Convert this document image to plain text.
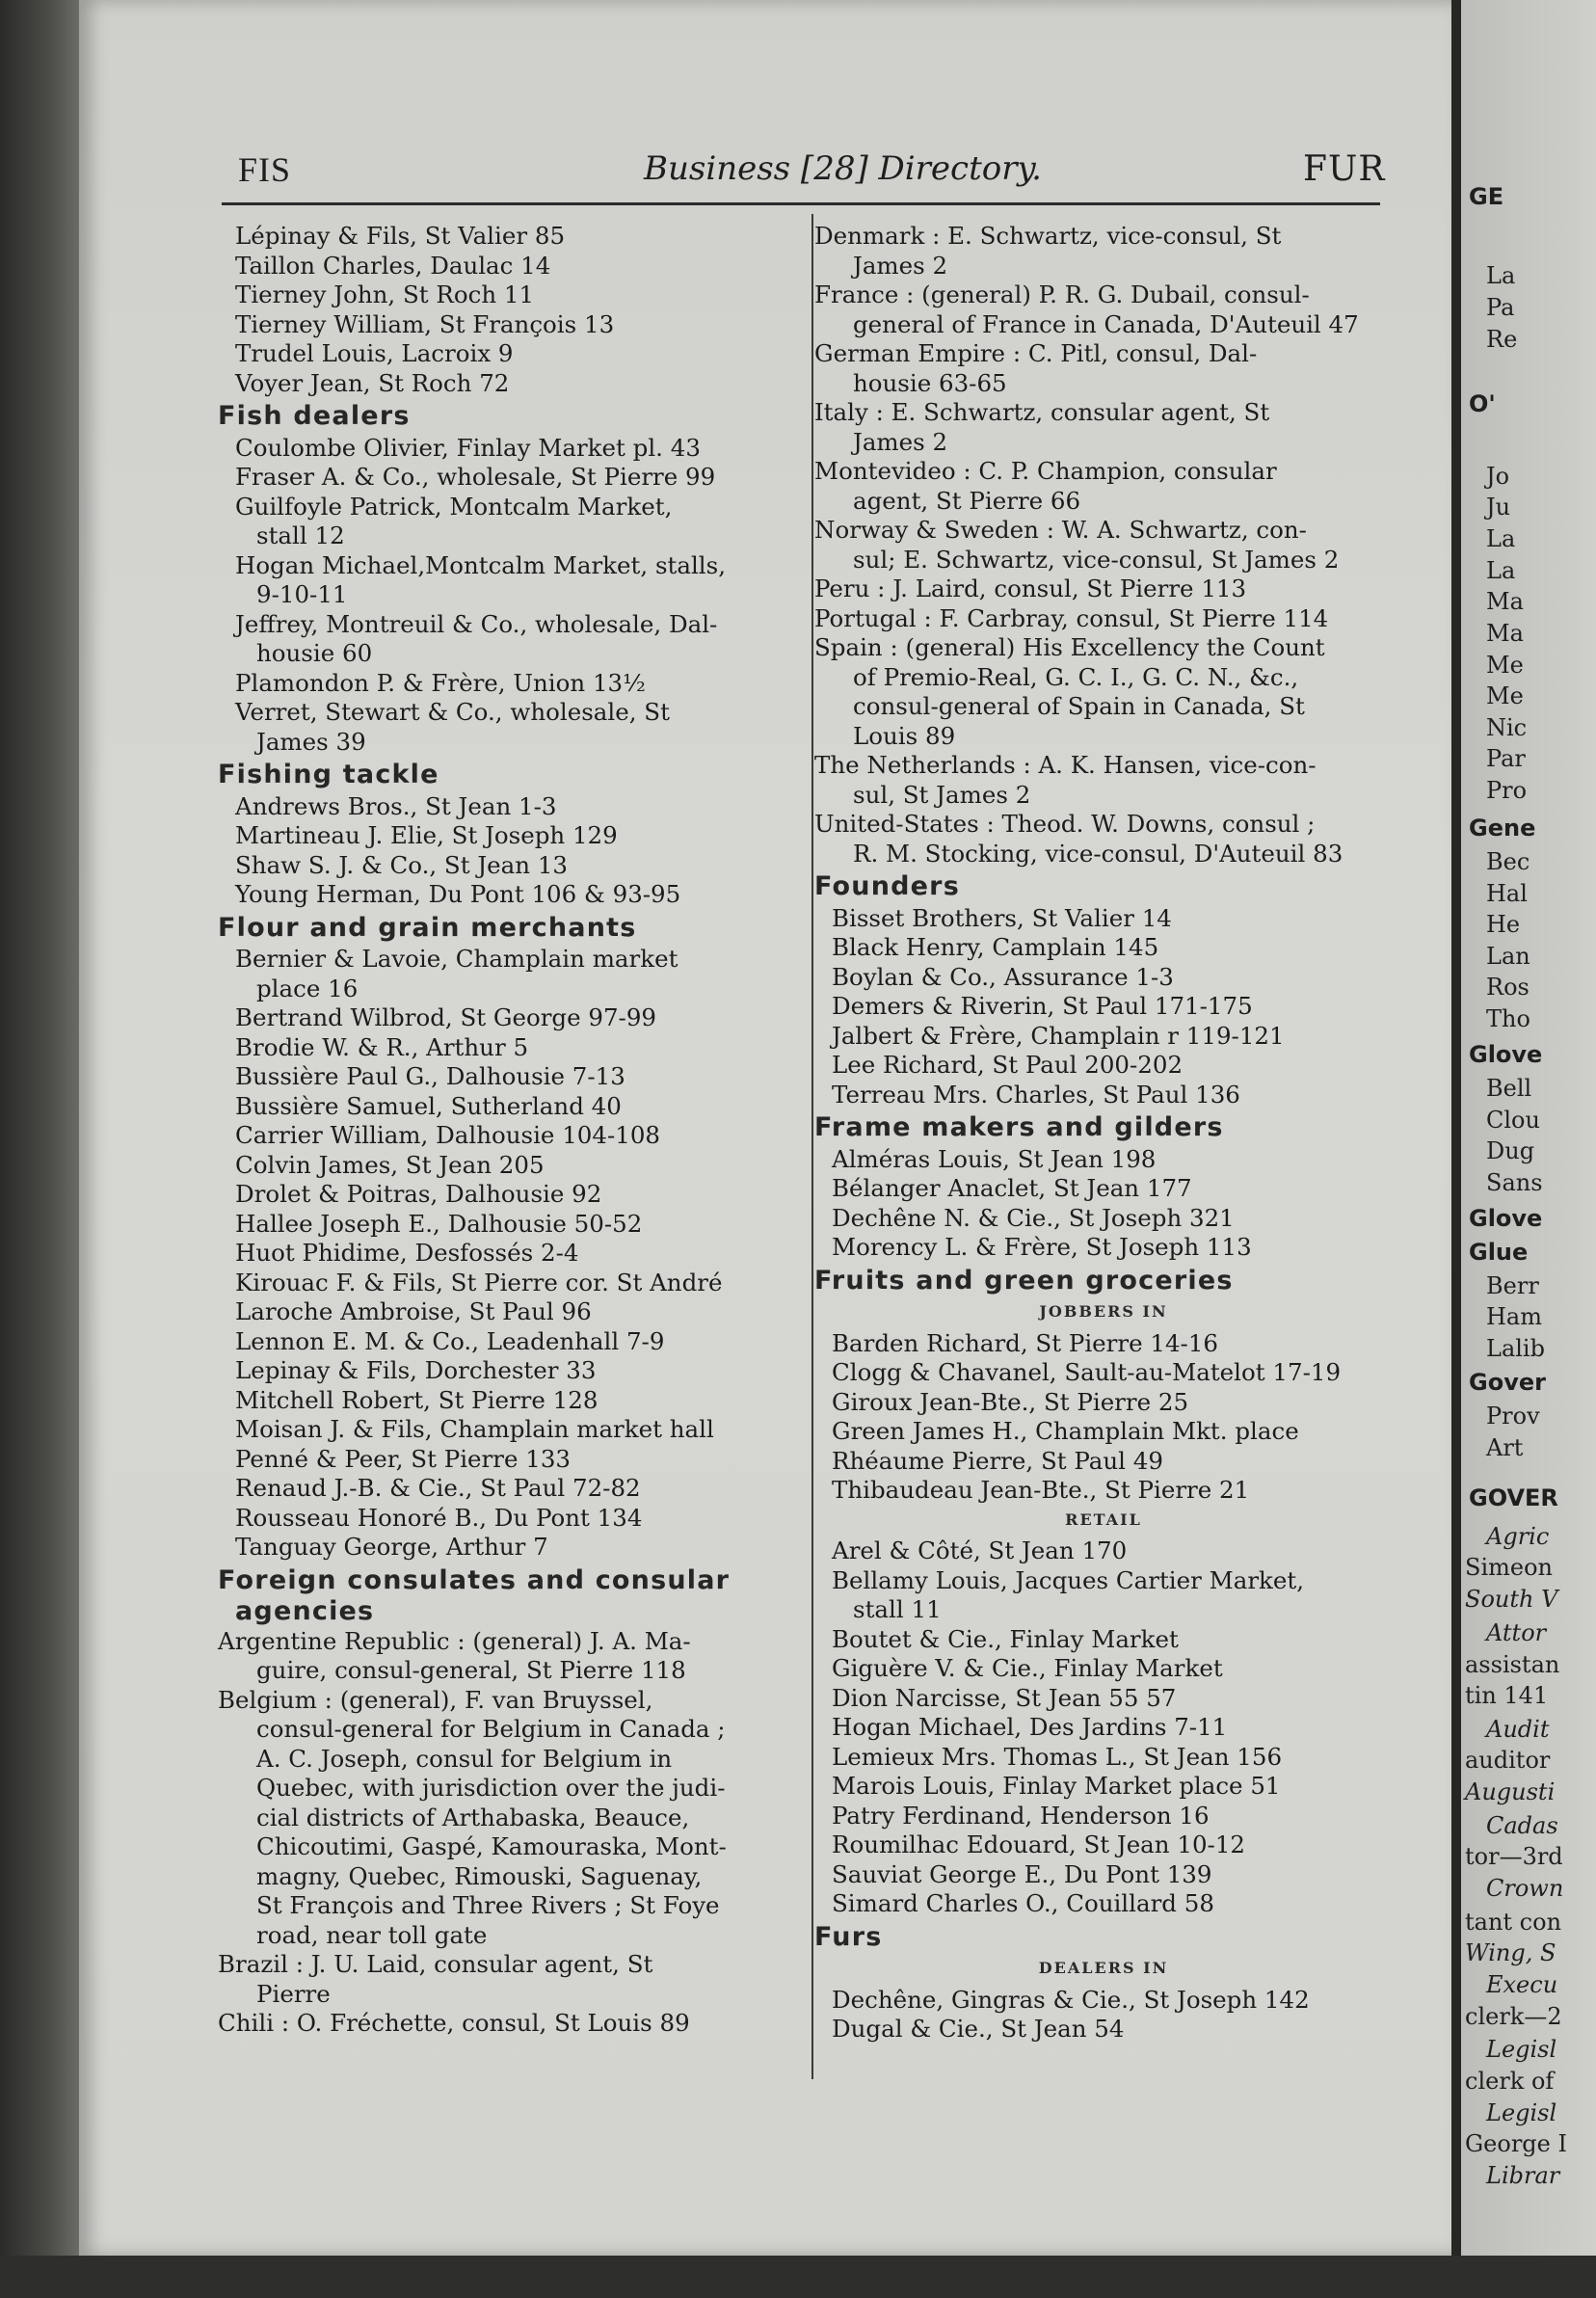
FIS	Business [28] Directory.	FUR
Lépinay & Fils, St Valier 85
Taillon Charles, Daulac 14
Tierney John, St Roch 11
Tierney William, St François 13
Trudel Louis, Lacroix 9
Voyer Jean, St Roch 72
Fish dealers
Coulombe Olivier, Finlay Market pl. 43
Fraser A. & Co., wholesale, St Pierre 99
Guilfoyle Patrick, Montcalm Market,
stall 12
Hogan Michael,Montcalm Market, stalls,
9-10-11
Jeffrey, Montreuil & Co., wholesale, Dal-
housie 60
Plamondon P. & Frère, Union 13½
Verret, Stewart & Co., wholesale, St
James 39
Fishing tackle
Andrews Bros., St Jean 1-3
Martineau J. Elie, St Joseph 129
Shaw S. J. & Co., St Jean 13
Young Herman, Du Pont 106 & 93-95
Flour and grain merchants
Bernier & Lavoie, Champlain market
place 16
Bertrand Wilbrod, St George 97-99
Brodie W. & R., Arthur 5
Bussière Paul G., Dalhousie 7-13
Bussière Samuel, Sutherland 40
Carrier William, Dalhousie 104-108
Colvin James, St Jean 205
Drolet & Poitras, Dalhousie 92
Hallee Joseph E., Dalhousie 50-52
Huot Phidime, Desfossés 2-4
Kirouac F. & Fils, St Pierre cor. St André
Laroche Ambroise, St Paul 96
Lennon E. M. & Co., Leadenhall 7-9
Lepinay & Fils, Dorchester 33
Mitchell Robert, St Pierre 128
Moisan J. & Fils, Champlain market hall
Penné & Peer, St Pierre 133
Renaud J.-B. & Cie., St Paul 72-82
Rousseau Honoré B., Du Pont 134
Tanguay George, Arthur 7
Foreign consulates and consular
agencies
Argentine Republic : (general) J. A. Ma-
guire, consul-general, St Pierre 118
Belgium : (general), F. van Bruyssel,
consul-general for Belgium in Canada ;
A. C. Joseph, consul for Belgium in
Quebec, with jurisdiction over the judi-
cial districts of Arthabaska, Beauce,
Chicoutimi, Gaspé, Kamouraska, Mont-
magny, Quebec, Rimouski, Saguenay,
St François and Three Rivers ; St Foye
road, near toll gate
Brazil : J. U. Laid, consular agent, St
Pierre
Chili : O. Fréchette, consul, St Louis 89
Denmark : E. Schwartz, vice-consul, St
James 2
France : (general) P. R. G. Dubail, consul-
general of France in Canada, D'Auteuil 47
German Empire : C. Pitl, consul, Dal-
housie 63-65
Italy : E. Schwartz, consular agent, St
James 2
Montevideo : C. P. Champion, consular
agent, St Pierre 66
Norway & Sweden : W. A. Schwartz, con-
sul; E. Schwartz, vice-consul, St James 2
Peru : J. Laird, consul, St Pierre 113
Portugal : F. Carbray, consul, St Pierre 114
Spain : (general) His Excellency the Count
of Premio-Real, G. C. I., G. C. N., &c.,
consul-general of Spain in Canada, St
Louis 89
The Netherlands : A. K. Hansen, vice-con-
sul, St James 2
United-States : Theod. W. Downs, consul ;
R. M. Stocking, vice-consul, D'Auteuil 83
Founders
Bisset Brothers, St Valier 14
Black Henry, Camplain 145
Boylan & Co., Assurance 1-3
Demers & Riverin, St Paul 171-175
Jalbert & Frère, Champlain r 119-121
Lee Richard, St Paul 200-202
Terreau Mrs. Charles, St Paul 136
Frame makers and gilders
Alméras Louis, St Jean 198
Bélanger Anaclet, St Jean 177
Dechêne N. & Cie., St Joseph 321
Morency L. & Frère, St Joseph 113
Fruits and green groceries
JOBBERS IN
Barden Richard, St Pierre 14-16
Clogg & Chavanel, Sault-au-Matelot 17-19
Giroux Jean-Bte., St Pierre 25
Green James H., Champlain Mkt. place
Rhéaume Pierre, St Paul 49
Thibaudeau Jean-Bte., St Pierre 21
RETAIL
Arel & Côté, St Jean 170
Bellamy Louis, Jacques Cartier Market,
stall 11
Boutet & Cie., Finlay Market
Giguère V. & Cie., Finlay Market
Dion Narcisse, St Jean 55 57
Hogan Michael, Des Jardins 7-11
Lemieux Mrs. Thomas L., St Jean 156
Marois Louis, Finlay Market place 51
Patry Ferdinand, Henderson 16
Roumilhac Edouard, St Jean 10-12
Sauviat George E., Du Pont 139
Simard Charles O., Couillard 58
Furs
DEALERS IN
Dechêne, Gingras & Cie., St Joseph 142
Dugal & Cie., St Jean 54
GE
La
Pa
Re
O'
Jo
Ju
La
La
Ma
Ma
Me
Me
Nic
Par
Pro
Gene
Bec
Hal
He
Lan
Ros
Tho
Glove
Bell
Clou
Dug
Sans
Glove
Glue
Berr
Ham
Lalib
Gover
Prov
Art
GOVER
Agric
Simeon
South V
Attor
assistan
tin 141
Audit
auditor
Augusti
Cadas
tor—3rd
Crown
tant con
Wing, S
Execu
clerk—2
Legisl
clerk of
Legisl
George I
Librar
